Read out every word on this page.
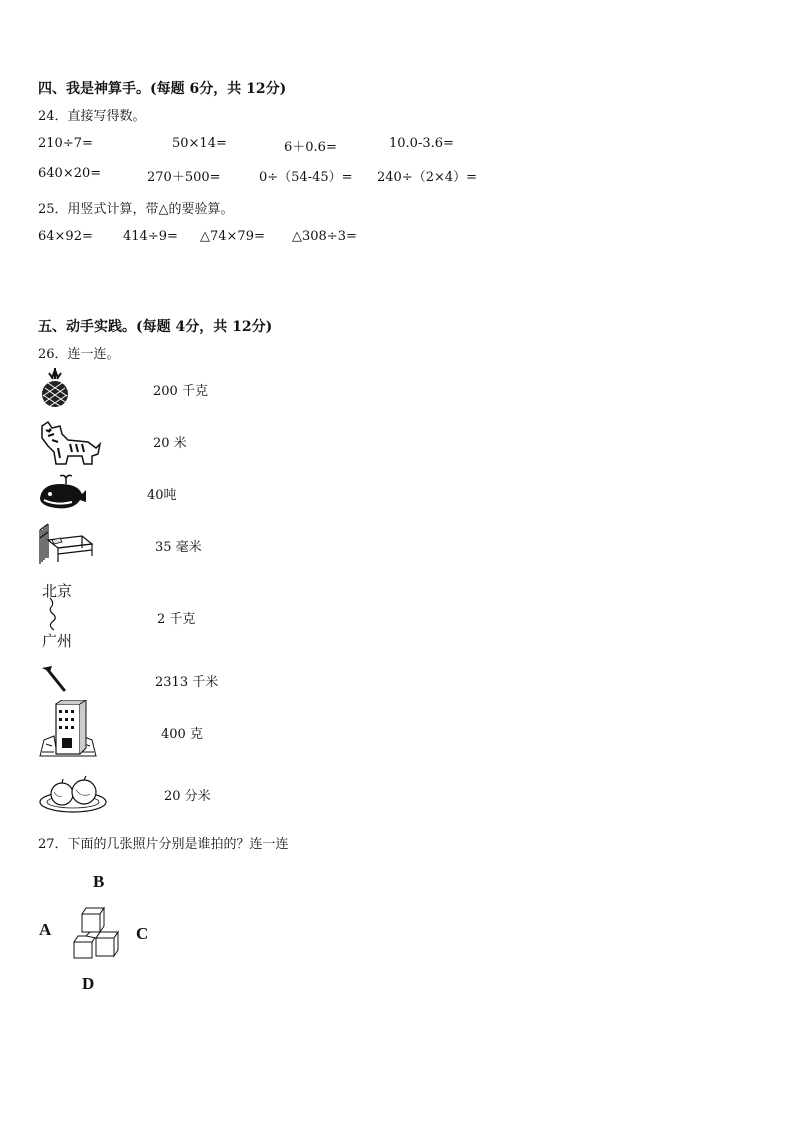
四、我是神算手。(每题 6分，共 12分)
24．直接写得数。
210÷7=	50×14=	6＋0.6=	10.0-3.6=
640×20=	270＋500=	0÷（54-45）= 240÷（2×4）=
25．用竖式计算，带△的要验算。
64×92= 414÷9= △74×79= △308÷3=
五、动手实践。(每题 4分，共 12分)
26．连一连。
200 千克
20 米
40吨
35 毫米
北京
广州
2 千克
2313 千米
400 克
20 分米
27．下面的几张照片分别是谁拍的？连一连
B
A	C
D
